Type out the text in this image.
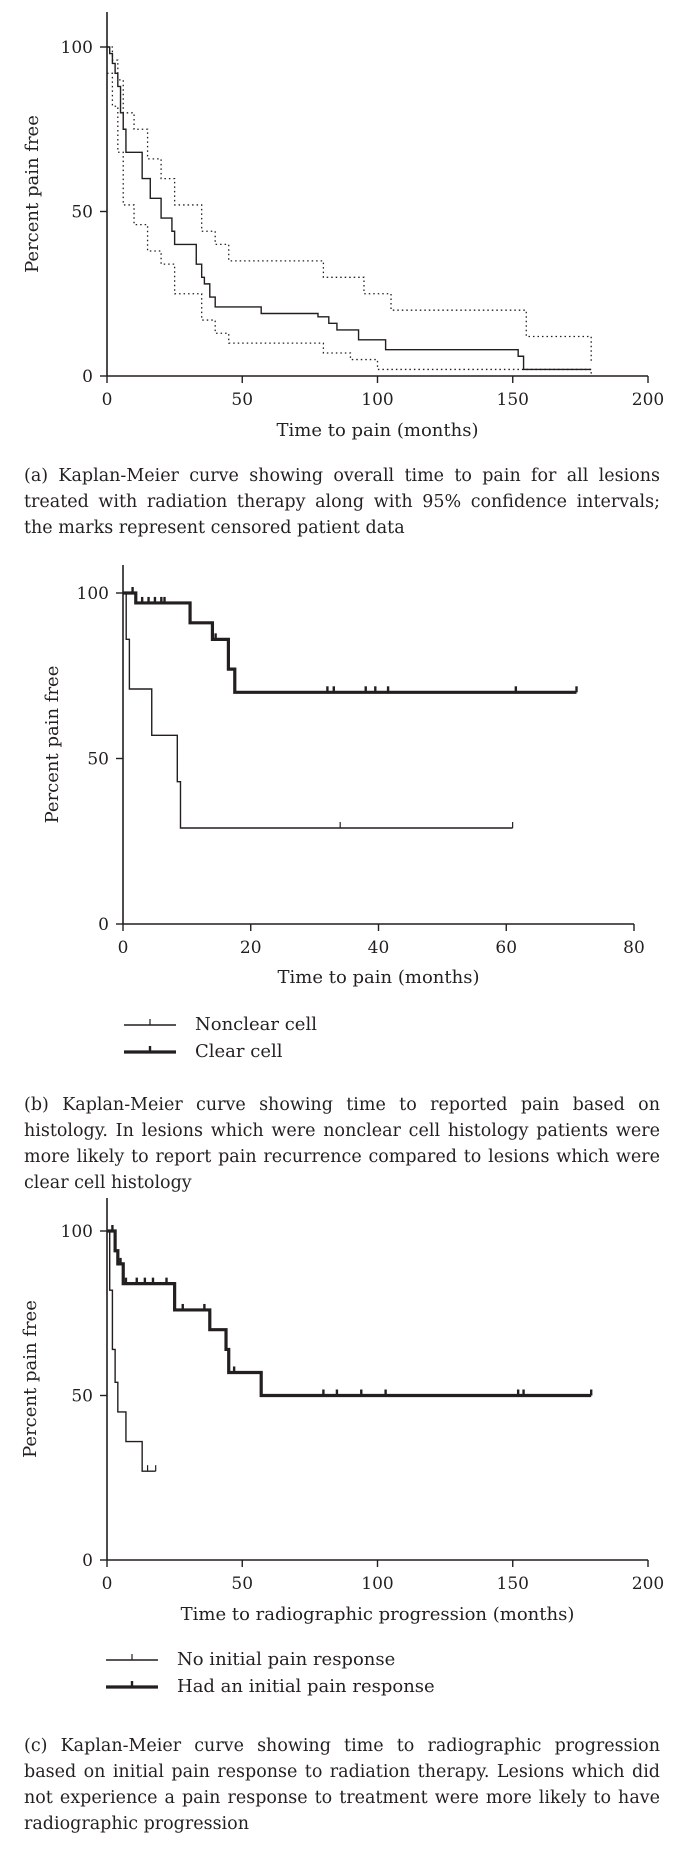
0	50	100	150	200
0
50
100
Time to pain (months)
Percent pain free
(a) Kaplan-Meier curve showing overall time to pain for all lesions treated with radiation therapy along with 95% confidence intervals; the marks represent censored patient data
0	20	40	60	80
0
50
100
Time to pain (months)
Percent pain free
Nonclear cell
Clear cell
(b) Kaplan-Meier curve showing time to reported pain based on histology. In lesions which were nonclear cell histology patients were more likely to report pain recurrence compared to lesions which were clear cell histology
0	50	100	150	200
0
50
100
Time to radiographic progression (months)
Percent pain free
No initial pain response
Had an initial pain response
(c) Kaplan-Meier curve showing time to radiographic progression based on initial pain response to radiation therapy. Lesions which did not experience a pain response to treatment were more likely to have radiographic progression
